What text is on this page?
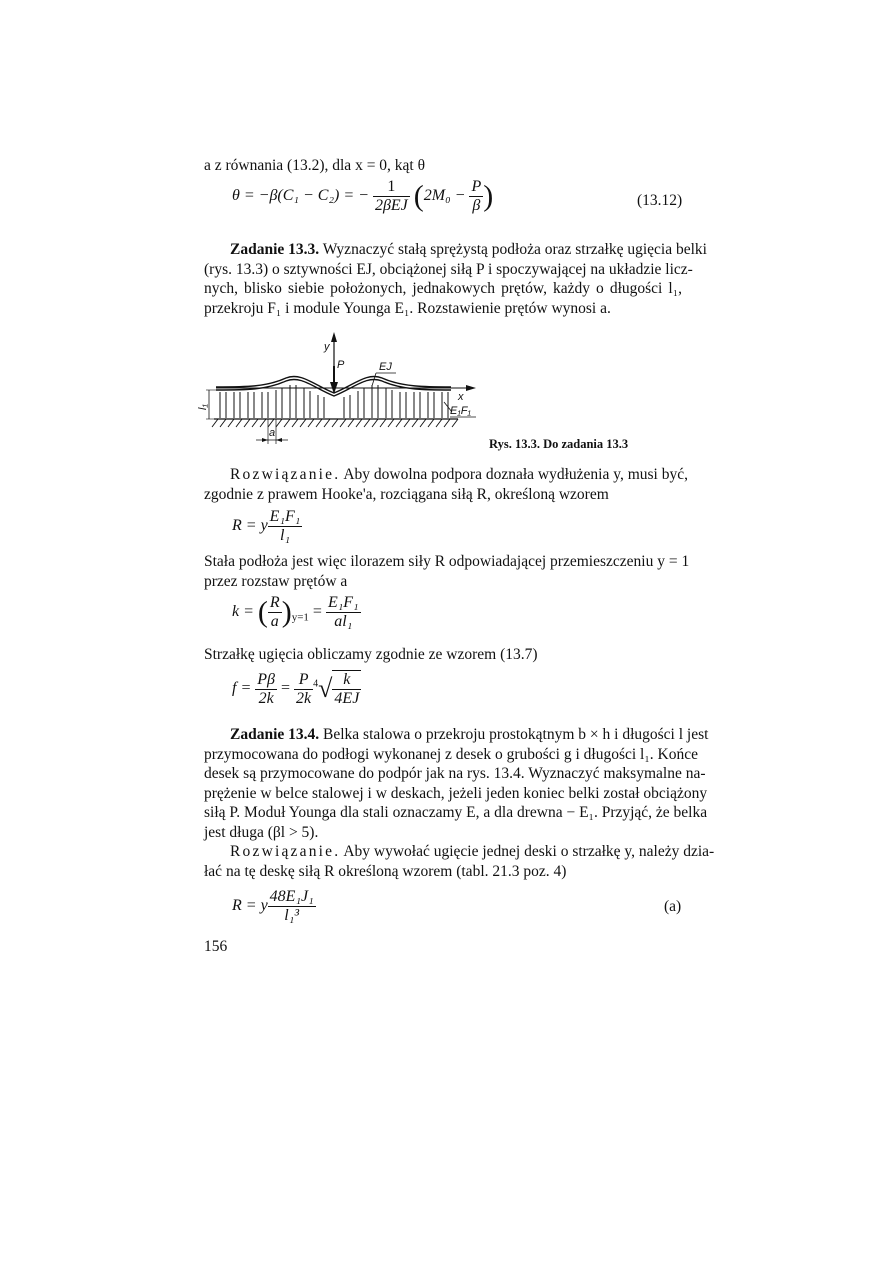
a z równania (13.2), dla x = 0, kąt θ
θ = −β(C₁ − C₂) = − $\frac{1}{\text{2βEJ}} (2M_0 - \frac{P}{\beta}$ )	(13.12)
Zadanie 13.3. Wyznaczyć stałą sprężystą podłoża oraz strzałkę ugięcia belki
(rys. 13.3) o sztywności EJ, obciążonej siłą P i spoczywającej na układzie licz-
nych, blisko siebie położonych, jednakowych prętów, każdy o długości l₁,
przekroju F₁ i module Younga E₁. Rozstawienie prętów wynosi a.
y
P	EJ
x
E₁F₁
l₁
a
Rys. 13.3. Do zadania 13.3
Rozwiązanie. Aby dowolna podpora doznała wydłużenia y, musi być,
zgodnie z prawem Hooke'a, rozciągana siłą R, określoną wzorem
R = y $\frac{\text{E₁F₁}}{\text{l₁}}$
Stała podłoża jest więc ilorazem siły R odpowiadającej przemieszczeniu y = 1
przez rozstaw prętów a
k = ( $\frac{R}{a} )_{y=1} = \frac{\text{E₁F₁}}{\text{al₁}}$
Strzałkę ugięcia obliczamy zgodnie ze wzorem (13.7)
$f = \frac{P\beta}{2k} = \frac{P}{2k} ^4√ \frac{k}{4EJ}$
Zadanie 13.4. Belka stalowa o przekroju prostokątnym b × h i długości l jest
przymocowana do podłogi wykonanej z desek o grubości g i długości l₁. Końce
desek są przymocowane do podpór jak na rys. 13.4. Wyznaczyć maksymalne na-
prężenie w belce stalowej i w deskach, jeżeli jeden koniec belki został obciążony
siłą P. Moduł Younga dla stali oznaczamy E, a dla drewna − E₁. Przyjąć, że belka
jest długa (βl > 5).
Rozwiązanie. Aby wywołać ugięcie jednej deski o strzałkę y, należy dzia-
łać na tę deskę siłą R określoną wzorem (tabl. 21.3 poz. 4)
R = y $\frac{\text{48E₁J₁}}{\text{l₁³}}$	(a)
156
